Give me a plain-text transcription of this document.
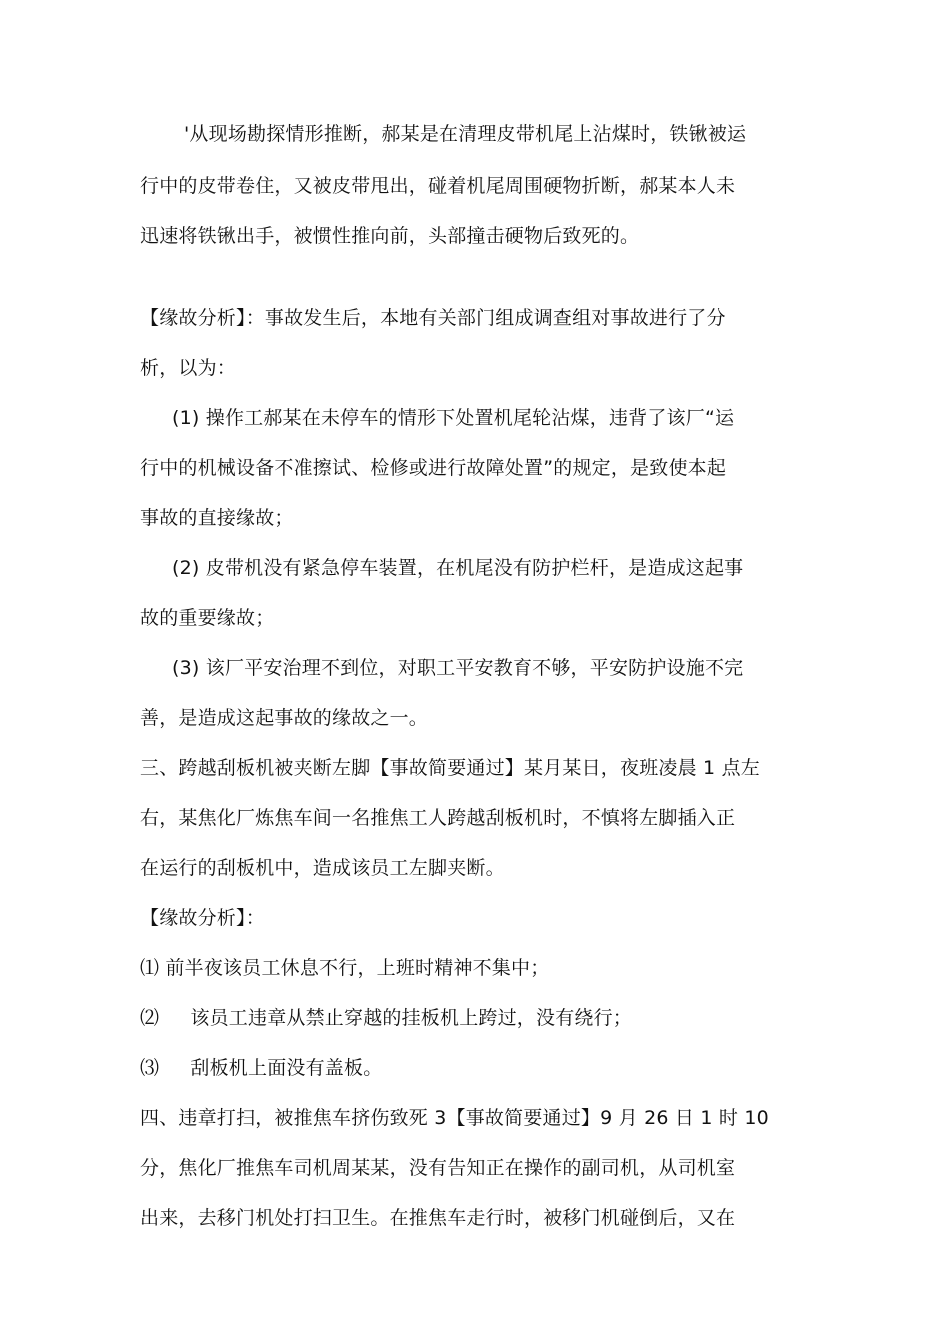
'从现场勘探情形推断，郝某是在清理皮带机尾上沾煤时，铁锹被运
行中的皮带卷住，又被皮带甩出，碰着机尾周围硬物折断，郝某本人未
迅速将铁锹出手，被惯性推向前，头部撞击硬物后致死的。
【缘故分析】：事故发生后，本地有关部门组成调查组对事故进行了分
析，以为：
(1) 操作工郝某在未停车的情形下处置机尾轮沾煤，违背了该厂“运
行中的机械设备不准擦试、检修或进行故障处置”的规定，是致使本起
事故的直接缘故；
(2) 皮带机没有紧急停车装置，在机尾没有防护栏杆，是造成这起事
故的重要缘故；
(3) 该厂平安治理不到位，对职工平安教育不够，平安防护设施不完
善，是造成这起事故的缘故之一。
三、跨越刮板机被夹断左脚【事故简要通过】某月某日，夜班凌晨 1 点左
右，某焦化厂炼焦车间一名推焦工人跨越刮板机时，不慎将左脚插入正
在运行的刮板机中，造成该员工左脚夹断。
【缘故分析】：
⑴ 前半夜该员工休息不行，上班时精神不集中；
⑵     该员工违章从禁止穿越的挂板机上跨过，没有绕行；
⑶     刮板机上面没有盖板。
四、违章打扫，被推焦车挤伤致死 3【事故简要通过】9 月 26 日 1 时 10
分，焦化厂推焦车司机周某某，没有告知正在操作的副司机，从司机室
出来，去移门机处打扫卫生。在推焦车走行时，被移门机碰倒后，又在
